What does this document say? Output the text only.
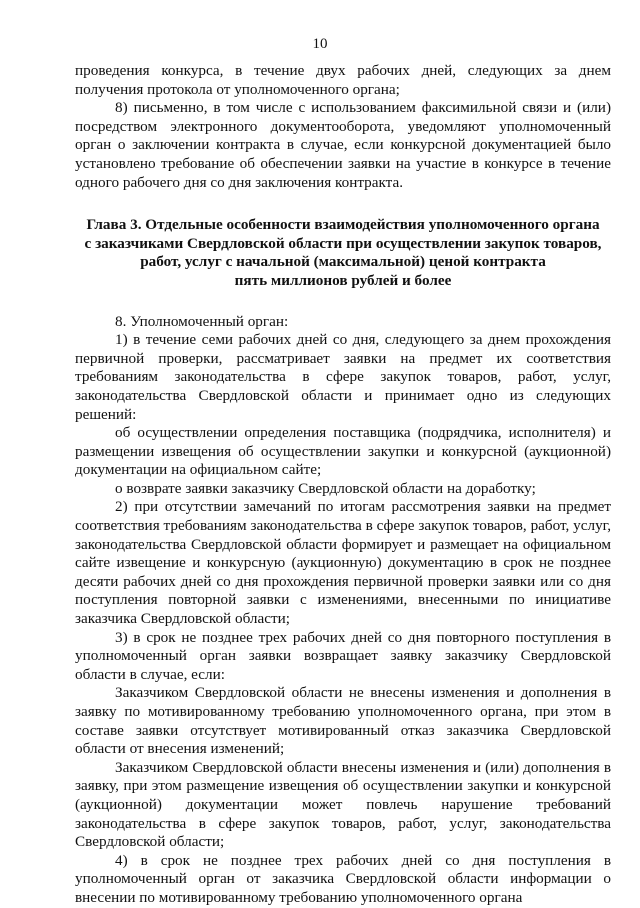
10

проведения конкурса, в течение двух рабочих дней, следующих за днем получения протокола от уполномоченного органа;

8) письменно, в том числе с использованием факсимильной связи и (или) посредством электронного документооборота, уведомляют уполномоченный орган о заключении контракта в случае, если конкурсной документацией было установлено требование об обеспечении заявки на участие в конкурсе в течение одного рабочего дня со дня заключения контракта.

Глава 3. Отдельные особенности взаимодействия уполномоченного органа
с заказчиками Свердловской области при осуществлении закупок товаров,
работ, услуг с начальной (максимальной) ценой контракта
пять миллионов рублей и более

8. Уполномоченный орган:

1) в течение семи рабочих дней со дня, следующего за днем прохождения первичной проверки, рассматривает заявки на предмет их соответствия требованиям законодательства в сфере закупок товаров, работ, услуг, законодательства Свердловской области и принимает одно из следующих решений:

об осуществлении определения поставщика (подрядчика, исполнителя) и размещении извещения об осуществлении закупки и конкурсной (аукционной) документации на официальном сайте;

о возврате заявки заказчику Свердловской области на доработку;

2) при отсутствии замечаний по итогам рассмотрения заявки на предмет соответствия требованиям законодательства в сфере закупок товаров, работ, услуг, законодательства Свердловской области формирует и размещает на официальном сайте извещение и конкурсную (аукционную) документацию в срок не позднее десяти рабочих дней со дня прохождения первичной проверки заявки или со дня поступления повторной заявки с изменениями, внесенными по инициативе заказчика Свердловской области;

3) в срок не позднее трех рабочих дней со дня повторного поступления в уполномоченный орган заявки возвращает заявку заказчику Свердловской области в случае, если:

Заказчиком Свердловской области не внесены изменения и дополнения в заявку по мотивированному требованию уполномоченного органа, при этом в составе заявки отсутствует мотивированный отказ заказчика Свердловской области от внесения изменений;

Заказчиком Свердловской области внесены изменения и (или) дополнения в заявку, при этом размещение извещения об осуществлении закупки и конкурсной (аукционной) документации может повлечь нарушение требований законодательства в сфере закупок товаров, работ, услуг, законодательства Свердловской области;

4) в срок не позднее трех рабочих дней со дня поступления в уполномоченный орган от заказчика Свердловской области информации о внесении по мотивированному требованию уполномоченного органа
